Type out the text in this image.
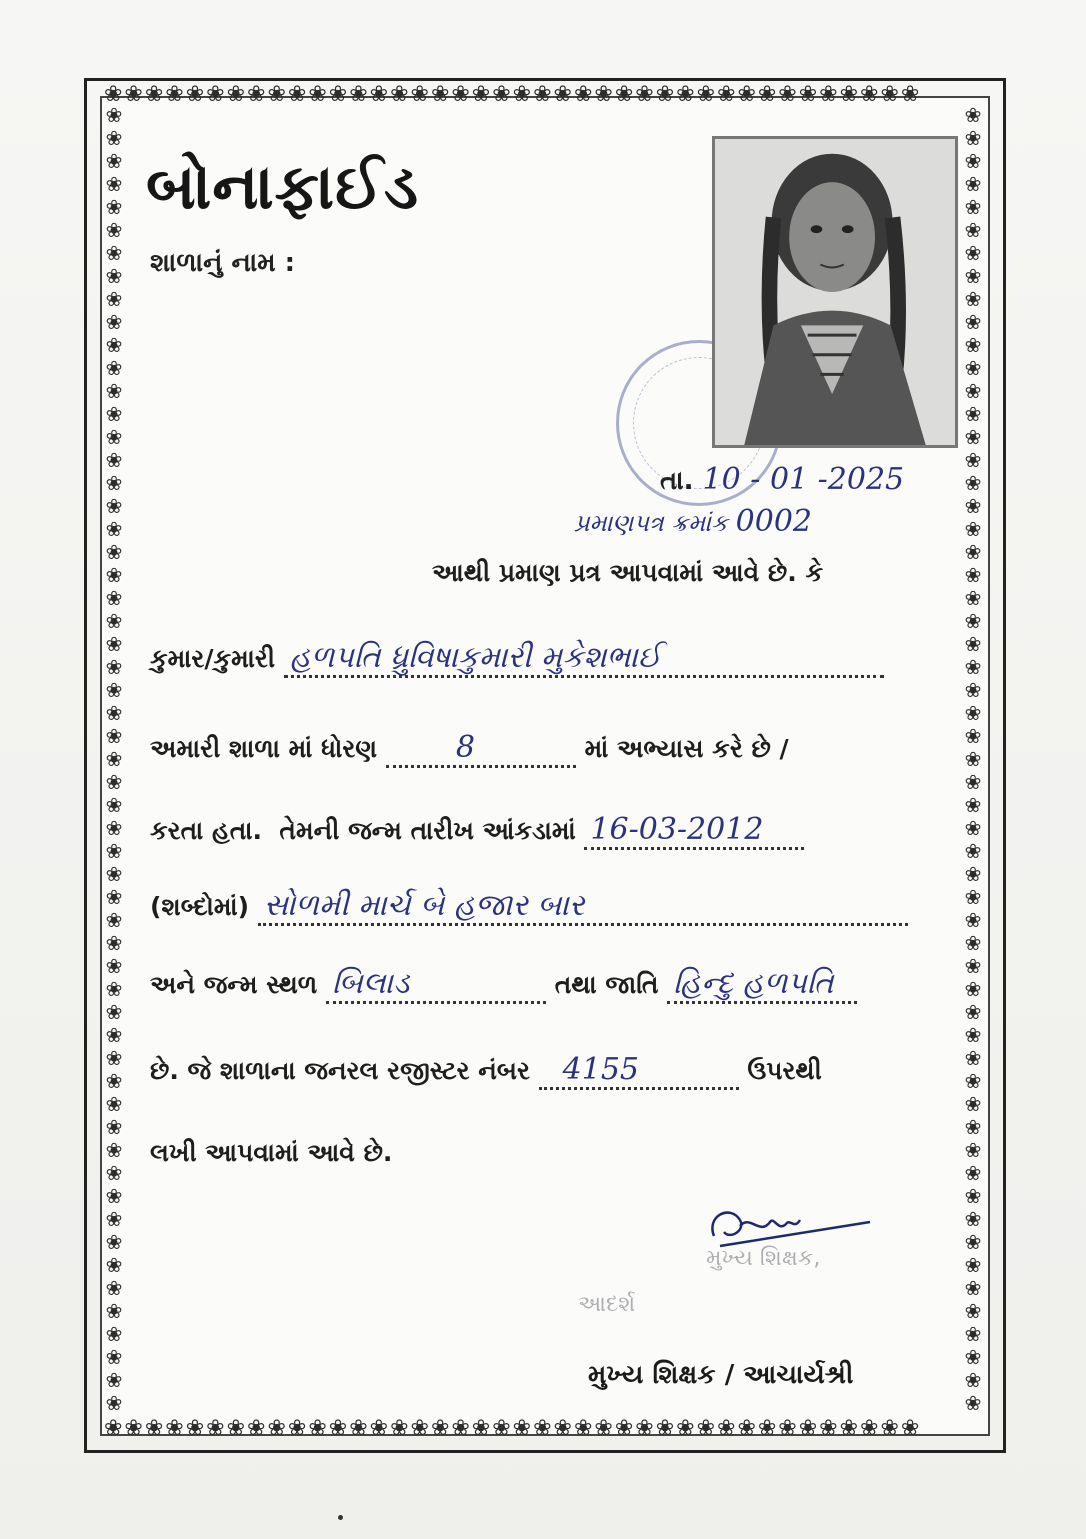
❀❀❀❀❀❀❀❀❀❀❀❀❀❀❀❀❀❀❀❀❀❀❀❀❀❀❀❀❀❀❀❀❀❀❀❀❀❀❀❀
❀❀❀❀❀❀❀❀❀❀❀❀❀❀❀❀❀❀❀❀❀❀❀❀❀❀❀❀❀❀❀❀❀❀❀❀❀❀❀❀
❀❀❀❀❀❀❀❀❀❀❀❀❀❀❀❀❀❀❀❀❀❀❀❀❀❀❀❀❀❀❀❀❀❀❀❀❀❀❀❀❀❀❀❀❀❀❀❀❀❀❀❀❀❀❀❀❀
❀❀❀❀❀❀❀❀❀❀❀❀❀❀❀❀❀❀❀❀❀❀❀❀❀❀❀❀❀❀❀❀❀❀❀❀❀❀❀❀❀❀❀❀❀❀❀❀❀❀❀❀❀❀❀❀❀
બોનાફાઈડ
શાળાનું નામ :
તા. 10 - 01 -2025
પ્રમાણપત્ર ક્રમાંક 0002
આથી પ્રમાણ પ્રત્ર આપવામાં આવે છે. કે
કુમાર/કુમારી હળપતિ ધ્રુવિષાકુમારી મુકેશભાઈ
અમારી શાળા માં ધોરણ	8	માં અભ્યાસ કરે છે /
કરતા હતા. તેમની જન્મ તારીખ આંકડામાં 16-03-2012
(શબ્દોમાં) સોળમી માર્ચ બે હજાર બાર
અને જન્મ સ્થળ બિલાડ	તથા જાતિ હિન્દુ હળપતિ
છે. જે શાળાના જનરલ રજીસ્ટર નંબર 4155	ઉપરથી
લખી આપવામાં આવે છે.
મુખ્ય શિક્ષક,
આદર્શ
મુખ્ય શિક્ષક / આચાર્યશ્રી
